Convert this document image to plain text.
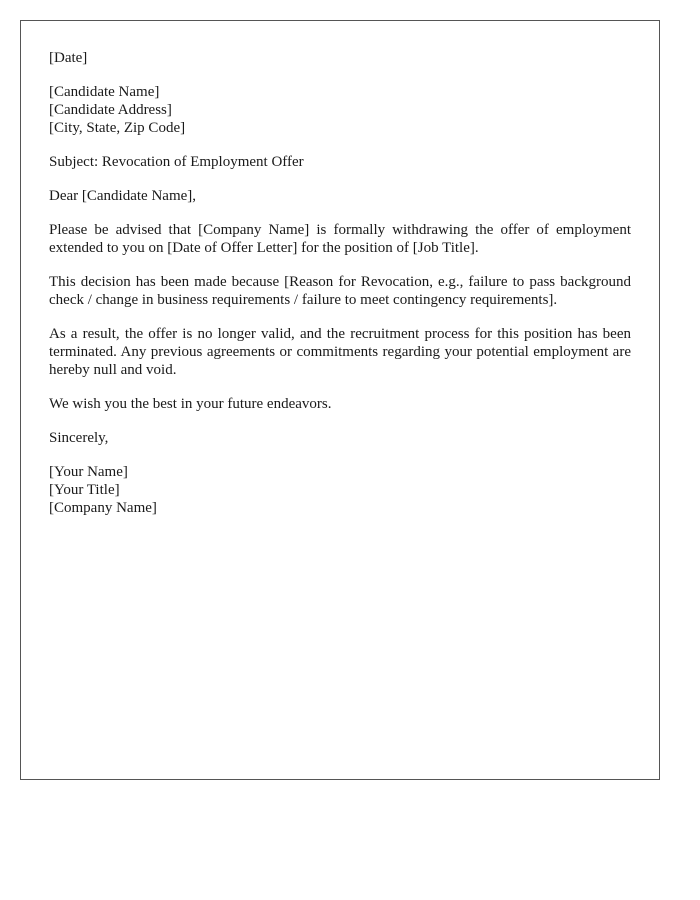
[Date]
[Candidate Name]
[Candidate Address]
[City, State, Zip Code]
Subject: Revocation of Employment Offer
Dear [Candidate Name],

Please be advised that [Company Name] is formally withdrawing the offer of employment extended to you on [Date of Offer Letter] for the position of [Job Title].

This decision has been made because [Reason for Revocation, e.g., failure to pass background check / change in business requirements / failure to meet contingency requirements].

As a result, the offer is no longer valid, and the recruitment process for this position has been terminated. Any previous agreements or commitments regarding your potential employment are hereby null and void.

We wish you the best in your future endeavors.

Sincerely,
[Your Name]
[Your Title]
[Company Name]
